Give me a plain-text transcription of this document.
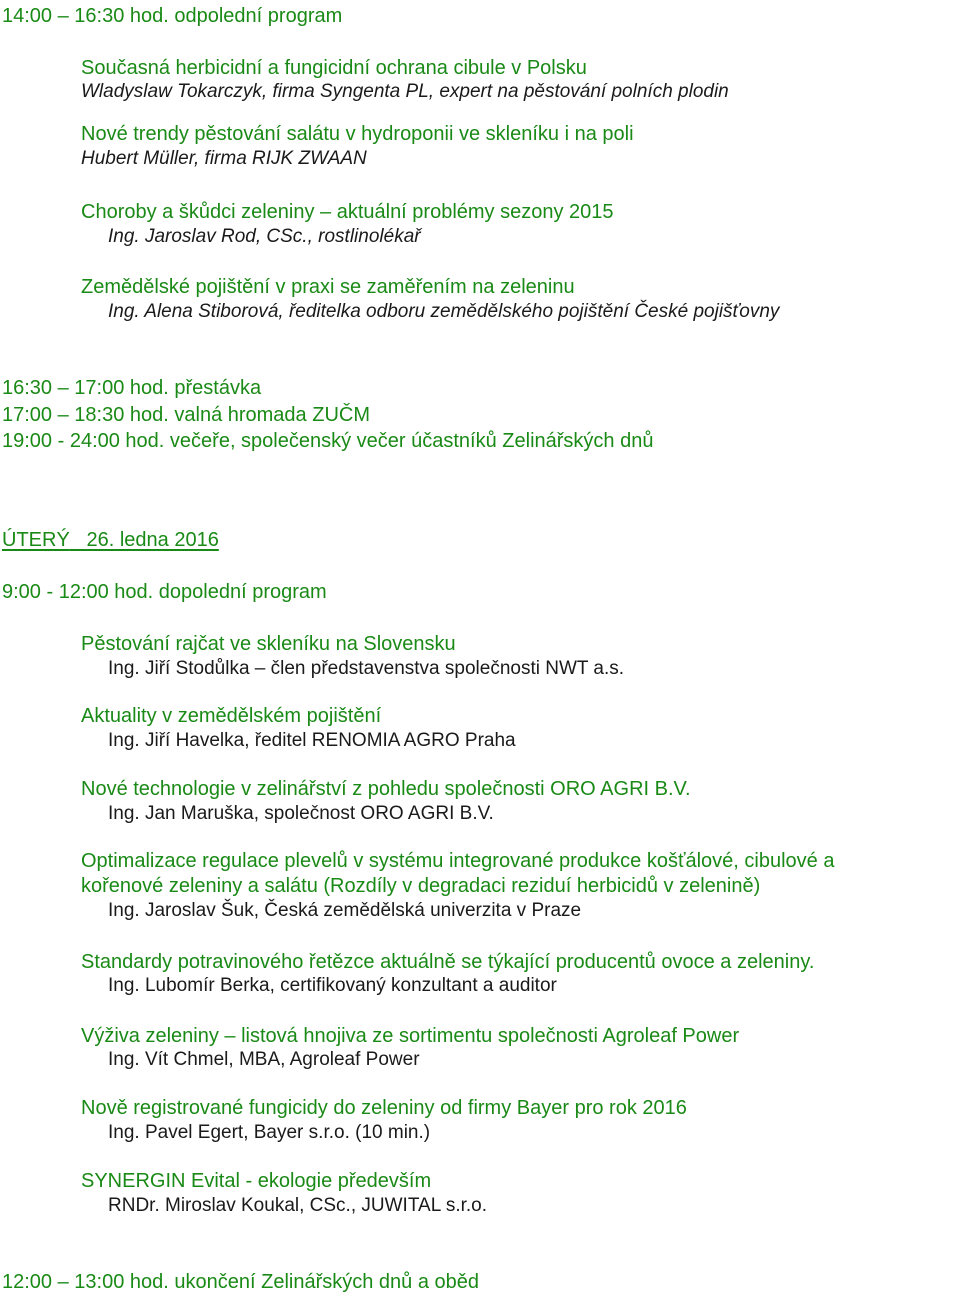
14:00 – 16:30 hod. odpolední program
Současná herbicidní a fungicidní ochrana cibule v Polsku
Wladyslaw Tokarczyk, firma Syngenta PL, expert na pěstování polních plodin
Nové trendy pěstování salátu v hydroponii ve skleníku i na poli
Hubert Müller, firma RIJK ZWAAN
Choroby a škůdci zeleniny – aktuální problémy sezony 2015
Ing. Jaroslav Rod, CSc., rostlinolékař
Zemědělské pojištění v praxi se zaměřením na zeleninu
Ing. Alena Stiborová, ředitelka odboru zemědělského pojištění České pojišťovny
16:30 – 17:00 hod. přestávka
17:00 – 18:30 hod. valná hromada ZUČM
19:00 - 24:00 hod. večeře, společenský večer účastníků Zelinářských dnů
ÚTERÝ 26. ledna 2016
9:00 - 12:00 hod. dopolední program
Pěstování rajčat ve skleníku na Slovensku
Ing. Jiří Stodůlka – člen představenstva společnosti NWT a.s.
Aktuality v zemědělském pojištění
Ing. Jiří Havelka, ředitel RENOMIA AGRO Praha
Nové technologie v zelinářství z pohledu společnosti ORO AGRI B.V.
Ing. Jan Maruška, společnost ORO AGRI B.V.
Optimalizace regulace plevelů v systému integrované produkce košťálové, cibulové a
kořenové zeleniny a salátu (Rozdíly v degradaci reziduí herbicidů v zelenině)
Ing. Jaroslav Šuk, Česká zemědělská univerzita v Praze
Standardy potravinového řetězce aktuálně se týkající producentů ovoce a zeleniny.
Ing. Lubomír Berka, certifikovaný konzultant a auditor
Výživa zeleniny – listová hnojiva ze sortimentu společnosti Agroleaf Power
Ing. Vít Chmel, MBA, Agroleaf Power
Nově registrované fungicidy do zeleniny od firmy Bayer pro rok 2016
Ing. Pavel Egert, Bayer s.r.o. (10 min.)
SYNERGIN Evital - ekologie především
RNDr. Miroslav Koukal, CSc., JUWITAL s.r.o.
12:00 – 13:00 hod. ukončení Zelinářských dnů a oběd
